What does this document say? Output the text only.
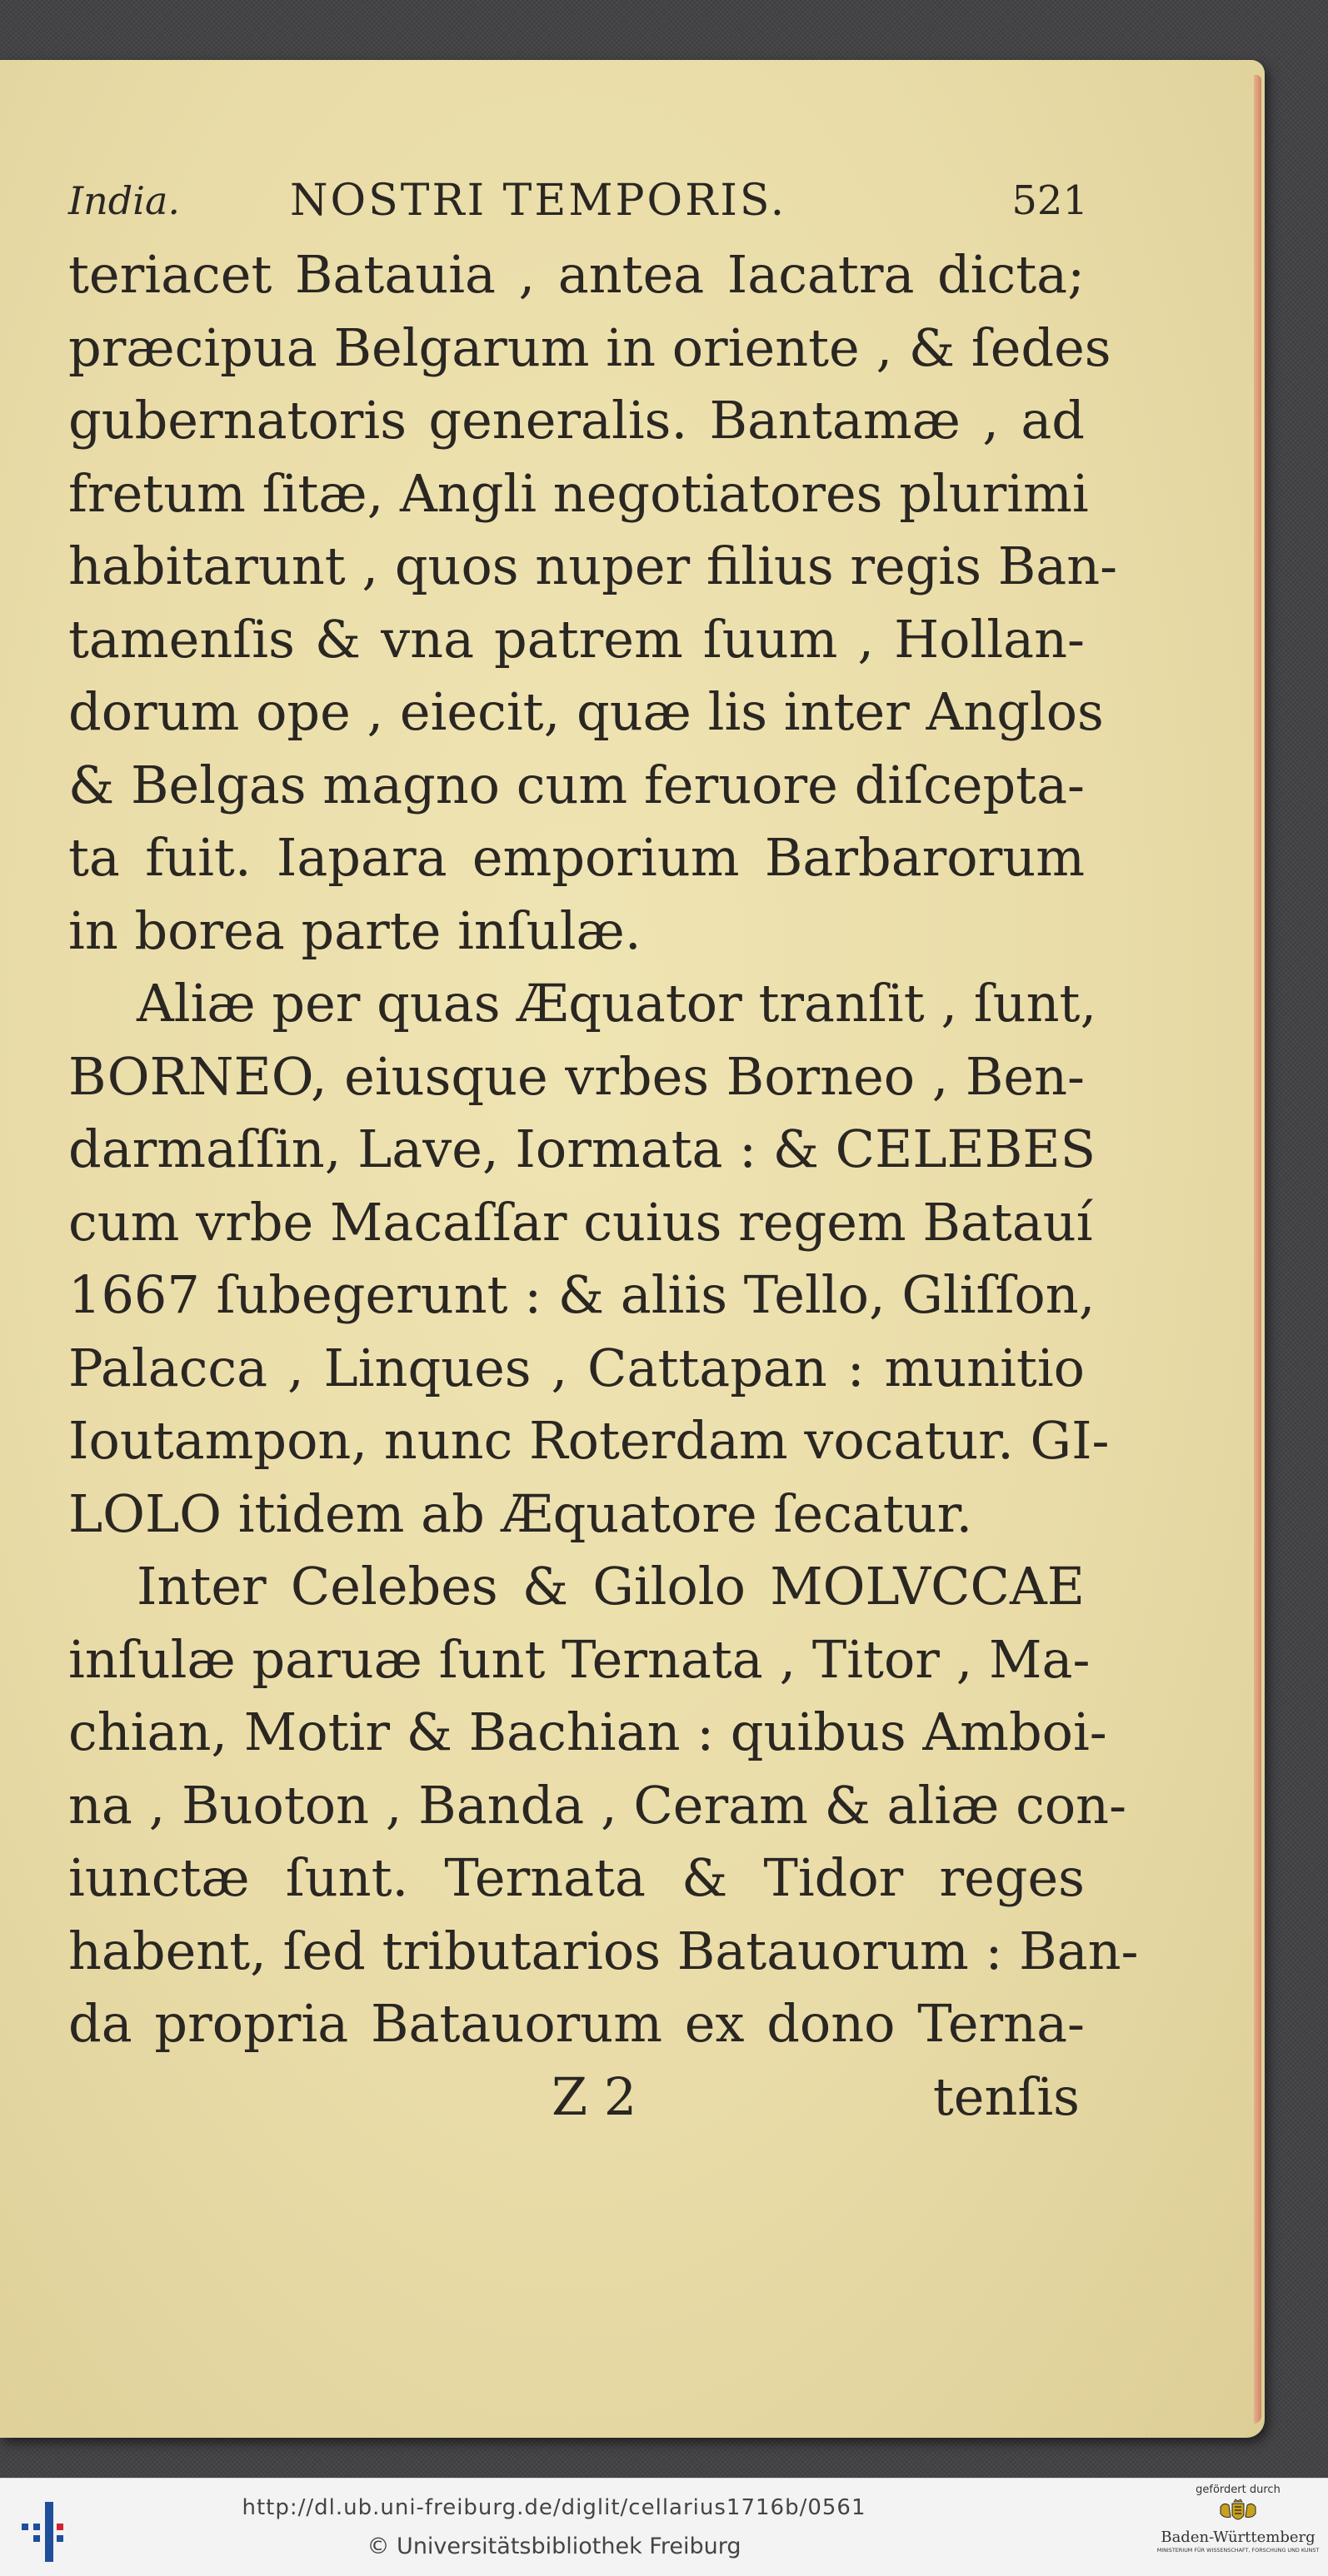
India.	NOSTRI TEMPORIS.	521
teriacet Batauia , antea Iacatra dicta;
præcipua Belgarum in oriente , & ſedes
gubernatoris generalis. Bantamæ , ad
fretum ſitæ, Angli negotiatores plurimi
habitarunt , quos nuper filius regis Ban-
tamenſis & vna patrem ſuum , Hollan-
dorum ope , eiecit, quæ lis inter Anglos
& Belgas magno cum feruore diſcepta-
ta fuit. Iapara emporium Barbarorum
in borea parte inſulæ.
Aliæ per quas Æquator tranſit , ſunt,
BORNEO, eiusque vrbes Borneo , Ben-
darmaſſin, Lave, Iormata : & CELEBES
cum vrbe Macaſſar cuius regem Batauí
1667 ſubegerunt : & aliis Tello, Gliſſon,
Palacca , Linques , Cattapan : munitio
Ioutampon, nunc Roterdam vocatur. GI-
LOLO itidem ab Æquatore ſecatur.
Inter Celebes & Gilolo MOLVCCAE
inſulæ paruæ ſunt Ternata , Titor , Ma-
chian, Motir & Bachian : quibus Amboi-
na , Buoton , Banda , Ceram & aliæ con-
iunctæ ſunt. Ternata & Tidor reges
habent, ſed tributarios Batauorum : Ban-
da propria Batauorum ex dono Terna-
Z 2	tenſis
http://dl.ub.uni-freiburg.de/diglit/cellarius1716b/0561
© Universitätsbibliothek Freiburg
gefördert durch
Baden-Württemberg
MINISTERIUM FÜR WISSENSCHAFT, FORSCHUNG UND KUNST
